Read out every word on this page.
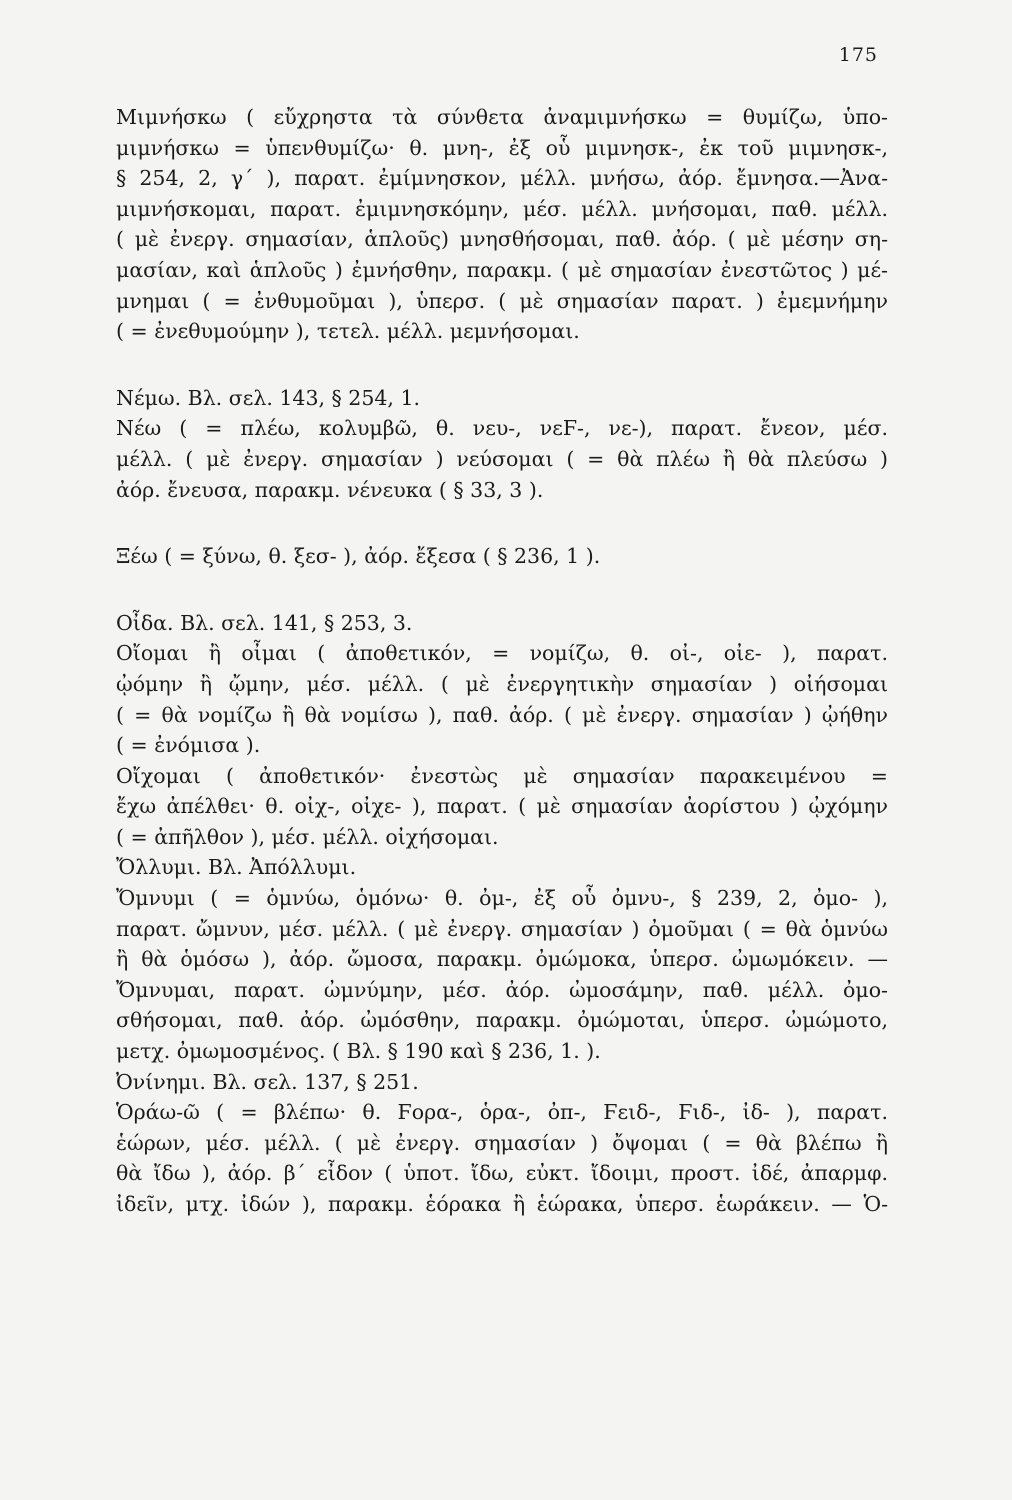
175

Μιμνήσκω ( εὔχρηστα τὰ σύνθετα ἀναμιμνήσκω = θυμίζω, ὑπο-
μιμνήσκω = ὑπενθυμίζω· θ. μνη-, ἐξ οὗ μιμνησκ-, ἐκ τοῦ μιμνησκ-,
§ 254, 2, γ΄ ), παρατ. ἐμίμνησκον, μέλλ. μνήσω, ἀόρ. ἔμνησα.—Ἀνα-
μιμνήσκομαι, παρατ. ἐμιμνησκόμην, μέσ. μέλλ. μνήσομαι, παθ. μέλλ.
( μὲ ἐνεργ. σημασίαν, ἁπλοῦς) μνησθήσομαι, παθ. ἀόρ. ( μὲ μέσην ση-
μασίαν, καὶ ἁπλοῦς ) ἐμνήσθην, παρακμ. ( μὲ σημασίαν ἐνεστῶτος ) μέ-
μνημαι ( = ἐνθυμοῦμαι ), ὑπερσ. ( μὲ σημασίαν παρατ. ) ἐμεμνήμην
( = ἐνεθυμούμην ), τετελ. μέλλ. μεμνήσομαι.

Νέμω. Βλ. σελ. 143, § 254, 1.
Νέω ( = πλέω, κολυμβῶ, θ. νευ-, νεϜ-, νε-), παρατ. ἔνεον, μέσ.
μέλλ. ( μὲ ἐνεργ. σημασίαν ) νεύσομαι ( = θὰ πλέω ἢ θὰ πλεύσω )
ἀόρ. ἔνευσα, παρακμ. νένευκα ( § 33, 3 ).

Ξέω ( = ξύνω, θ. ξεσ- ), ἀόρ. ἔξεσα ( § 236, 1 ).

Οἶδα. Βλ. σελ. 141, § 253, 3.
Οἴομαι ἢ οἶμαι ( ἀποθετικόν, = νομίζω, θ. οἰ-, οἰε- ), παρατ.
ᾠόμην ἢ ᾤμην, μέσ. μέλλ. ( μὲ ἐνεργητικὴν σημασίαν ) οἰήσομαι
( = θὰ νομίζω ἢ θὰ νομίσω ), παθ. ἀόρ. ( μὲ ἐνεργ. σημασίαν ) ᾠήθην
( = ἐνόμισα ).
Οἴχομαι ( ἀποθετικόν· ἐνεστὼς μὲ σημασίαν παρακειμένου =
ἔχω ἀπέλθει· θ. οἰχ-, οἰχε- ), παρατ. ( μὲ σημασίαν ἀορίστου ) ᾠχόμην
( = ἀπῆλθον ), μέσ. μέλλ. οἰχήσομαι.
Ὄλλυμι. Βλ. Ἀπόλλυμι.
Ὄμνυμι ( = ὁμνύω, ὁμόνω· θ. ὀμ-, ἐξ οὗ ὀμνυ-, § 239, 2, ὀμο- ),
παρατ. ὤμνυν, μέσ. μέλλ. ( μὲ ἐνεργ. σημασίαν ) ὀμοῦμαι ( = θὰ ὁμνύω
ἢ θὰ ὁμόσω ), ἀόρ. ὤμοσα, παρακμ. ὀμώμοκα, ὑπερσ. ὠμωμόκειν. —
Ὄμνυμαι, παρατ. ὠμνύμην, μέσ. ἀόρ. ὠμοσάμην, παθ. μέλλ. ὀμο-
σθήσομαι, παθ. ἀόρ. ὠμόσθην, παρακμ. ὀμώμοται, ὑπερσ. ὠμώμοτο,
μετχ. ὀμωμοσμένος. ( Βλ. § 190 καὶ § 236, 1. ).
Ὀνίνημι. Βλ. σελ. 137, § 251.
Ὁράω-ῶ ( = βλέπω· θ. Ϝορα-, ὁρα-, ὀπ-, Ϝειδ-, Ϝιδ-, ἰδ- ), παρατ.
ἑώρων, μέσ. μέλλ. ( μὲ ἐνεργ. σημασίαν ) ὄψομαι ( = θὰ βλέπω ἢ
θὰ ἴδω ), ἀόρ. β΄ εἶδον ( ὑποτ. ἴδω, εὐκτ. ἴδοιμι, προστ. ἰδέ, ἀπαρμφ.
ἰδεῖν, μτχ. ἰδών ), παρακμ. ἑόρακα ἢ ἑώρακα, ὑπερσ. ἑωράκειν. — Ὁ-
